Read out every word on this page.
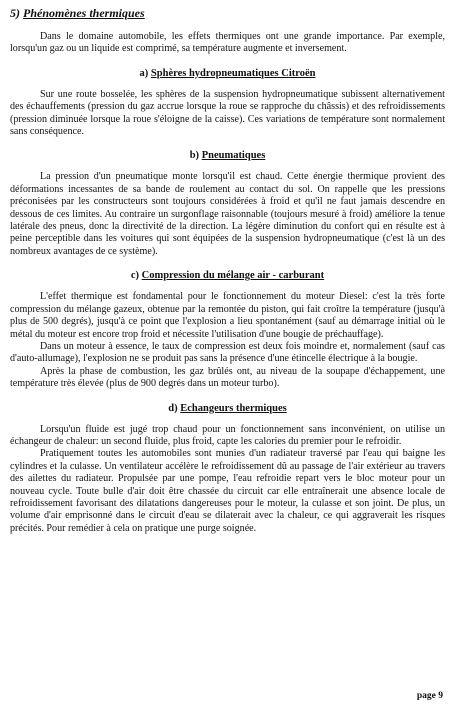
5) Phénomènes thermiques

Dans le domaine automobile, les effets thermiques ont une grande importance. Par exemple, lorsqu'un gaz ou un liquide est comprimé, sa température augmente et inversement.

a) Sphères hydropneumatiques Citroën

Sur une route bosselée, les sphères de la suspension hydropneumatique subissent alternativement des échauffements (pression du gaz accrue lorsque la roue se rapproche du châssis) et des refroidissements (pression diminuée lorsque la roue s'éloigne de la caisse). Ces variations de température sont normalement sans conséquence.

b) Pneumatiques

La pression d'un pneumatique monte lorsqu'il est chaud. Cette énergie thermique provient des déformations incessantes de sa bande de roulement au contact du sol. On rappelle que les pressions préconisées par les constructeurs sont toujours considérées à froid et qu'il ne faut jamais descendre en dessous de ces limites. Au contraire un surgonflage raisonnable (toujours mesuré à froid) améliore la tenue latérale des pneus, donc la directivité de la direction. La légère diminution du confort qui en résulte est à peine perceptible dans les voitures qui sont équipées de la suspension hydropneumatique (c'est là un des nombreux avantages de ce système).

c) Compression du mélange air - carburant

L'effet thermique est fondamental pour le fonctionnement du moteur Diesel: c'est la très forte compression du mélange gazeux, obtenue par la remontée du piston, qui fait croître la température (jusqu'à plus de 500 degrés), jusqu'à ce point que l'explosion a lieu spontanément (sauf au démarrage initial où le métal du moteur est encore trop froid et nécessite l'utilisation d'une bougie de préchauffage).

Dans un moteur à essence, le taux de compression est deux fois moindre et, normalement (sauf cas d'auto-allumage), l'explosion ne se produit pas sans la présence d'une étincelle électrique à la bougie.

Après la phase de combustion, les gaz brûlés ont, au niveau de la soupape d'échappement, une température très élevée (plus de 900 degrés dans un moteur turbo).

d) Echangeurs thermiques

Lorsqu'un fluide est jugé trop chaud pour un fonctionnement sans inconvénient, on utilise un échangeur de chaleur: un second fluide, plus froid, capte les calories du premier pour le refroidir.

Pratiquement toutes les automobiles sont munies d'un radiateur traversé par l'eau qui baigne les cylindres et la culasse. Un ventilateur accélère le refroidissement dû au passage de l'air extérieur au travers des ailettes du radiateur. Propulsée par une pompe, l'eau refroidie repart vers le bloc moteur pour un nouveau cycle. Toute bulle d'air doit être chassée du circuit car elle entraînerait une absence locale de refroidissement favorisant des dilatations dangereuses pour le moteur, la culasse et son joint. De plus, un volume d'air emprisonné dans le circuit d'eau se dilaterait avec la chaleur, ce qui aggraverait les risques précités. Pour remédier à cela on pratique une purge soignée.

page 9
